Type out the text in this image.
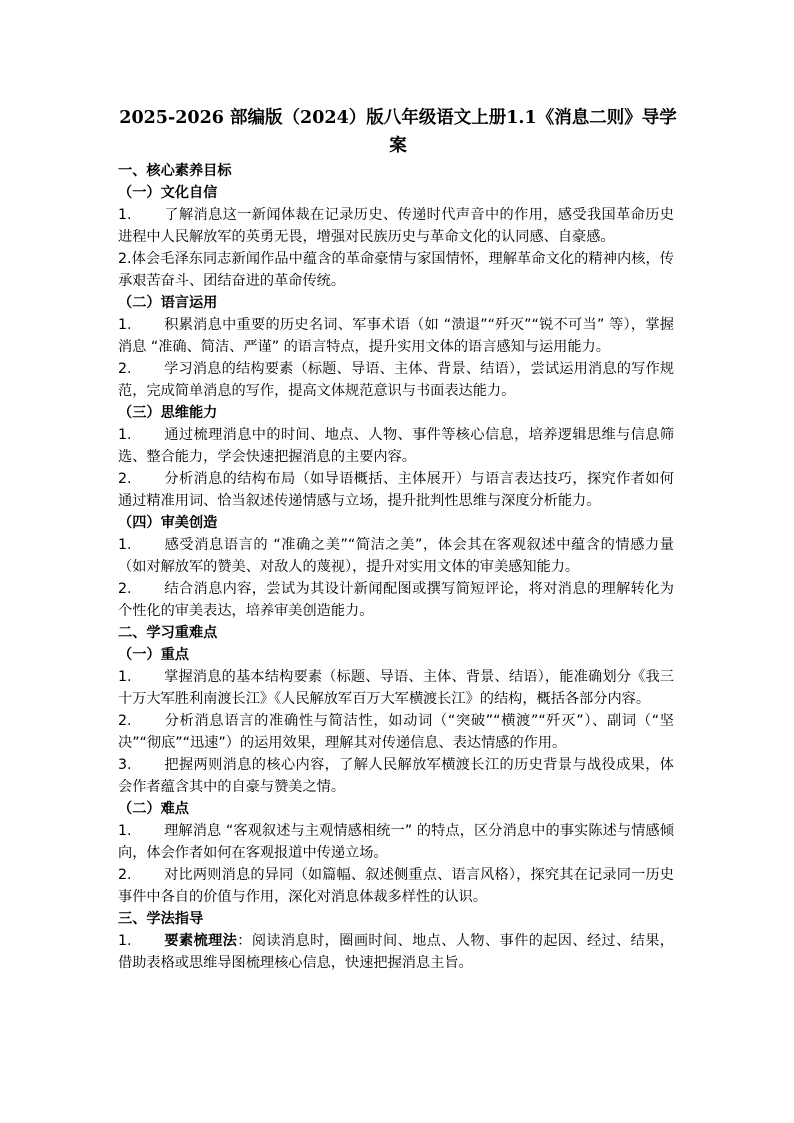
2025-2026 部编版（2024）版八年级语文上册1.1《消息二则》导学
案
一、核心素养目标
（一）文化自信

1. 了解消息这一新闻体裁在记录历史、传递时代声音中的作用，感受我国革命历史进程中人民解放军的英勇无畏，增强对民族历史与革命文化的认同感、自豪感。

2.体会毛泽东同志新闻作品中蕴含的革命豪情与家国情怀，理解革命文化的精神内核，传承艰苦奋斗、团结奋进的革命传统。

（二）语言运用

1. 积累消息中重要的历史名词、军事术语（如 “溃退”“歼灭”“锐不可当” 等），掌握消息 “准确、简洁、严谨” 的语言特点，提升实用文体的语言感知与运用能力。

2. 学习消息的结构要素（标题、导语、主体、背景、结语），尝试运用消息的写作规范，完成简单消息的写作，提高文体规范意识与书面表达能力。

（三）思维能力

1. 通过梳理消息中的时间、地点、人物、事件等核心信息，培养逻辑思维与信息筛选、整合能力，学会快速把握消息的主要内容。

2. 分析消息的结构布局（如导语概括、主体展开）与语言表达技巧，探究作者如何通过精准用词、恰当叙述传递情感与立场，提升批判性思维与深度分析能力。

（四）审美创造

1. 感受消息语言的 “准确之美”“简洁之美”，体会其在客观叙述中蕴含的情感力量（如对解放军的赞美、对敌人的蔑视），提升对实用文体的审美感知能力。

2. 结合消息内容，尝试为其设计新闻配图或撰写简短评论，将对消息的理解转化为个性化的审美表达，培养审美创造能力。

二、学习重难点
（一）重点

1. 掌握消息的基本结构要素（标题、导语、主体、背景、结语），能准确划分《我三十万大军胜利南渡长江》《人民解放军百万大军横渡长江》的结构，概括各部分内容。

2. 分析消息语言的准确性与简洁性，如动词（“突破”“横渡”“歼灭”）、副词（“坚决”“彻底”“迅速”）的运用效果，理解其对传递信息、表达情感的作用。

3. 把握两则消息的核心内容，了解人民解放军横渡长江的历史背景与战役成果，体会作者蕴含其中的自豪与赞美之情。

（二）难点

1. 理解消息 “客观叙述与主观情感相统一” 的特点，区分消息中的事实陈述与情感倾向，体会作者如何在客观报道中传递立场。

2. 对比两则消息的异同（如篇幅、叙述侧重点、语言风格），探究其在记录同一历史事件中各自的价值与作用，深化对消息体裁多样性的认识。

三、学法指导

1. 要素梳理法：阅读消息时，圈画时间、地点、人物、事件的起因、经过、结果，借助表格或思维导图梳理核心信息，快速把握消息主旨。
